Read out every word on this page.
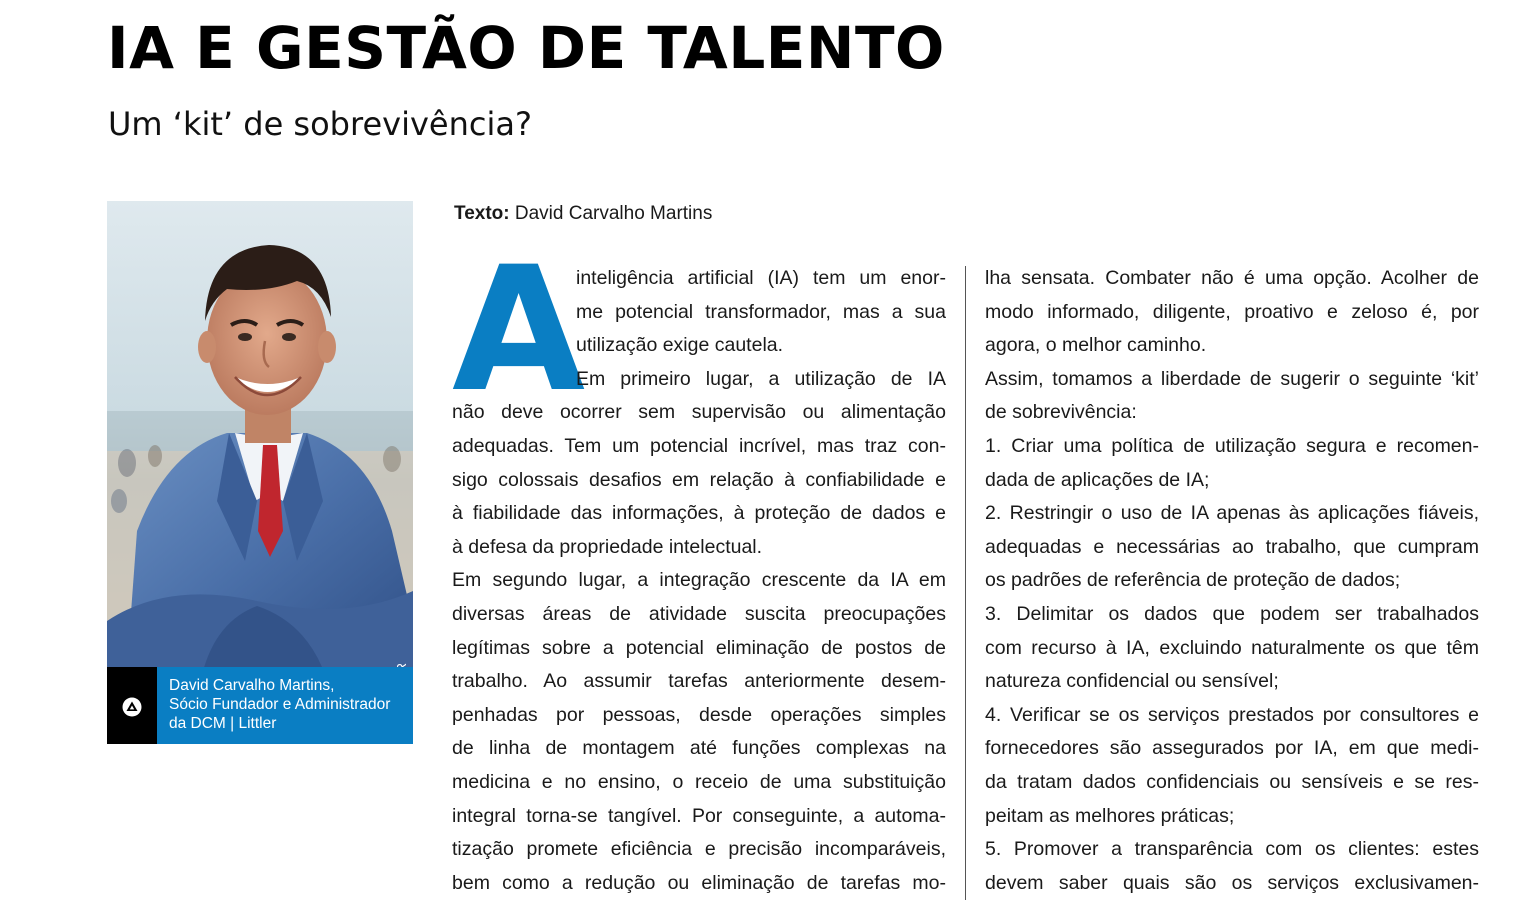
IA E GESTÃO DE TALENTO
Um ‘kit’ de sobrevivência?
David Carvalho Martins,
Sócio Fundador e Administrador
da DCM | Littler
Texto: David Carvalho Martins
A

inteligência artificial (IA) tem um enor-

me potencial transformador, mas a sua

utilização exige cautela.

Em primeiro lugar, a utilização de IA

não deve ocorrer sem supervisão ou alimentação

adequadas. Tem um potencial incrível, mas traz con-

sigo colossais desafios em relação à confiabilidade e

à fiabilidade das informações, à proteção de dados e

à defesa da propriedade intelectual.

Em segundo lugar, a integração crescente da IA em

diversas áreas de atividade suscita preocupações

legítimas sobre a potencial eliminação de postos de

trabalho. Ao assumir tarefas anteriormente desem-

penhadas por pessoas, desde operações simples

de linha de montagem até funções complexas na

medicina e no ensino, o receio de uma substituição

integral torna-se tangível. Por conseguinte, a automa-

tização promete eficiência e precisão incomparáveis,

bem como a redução ou eliminação de tarefas mo-

lha sensata. Combater não é uma opção. Acolher de

modo informado, diligente, proativo e zeloso é, por

agora, o melhor caminho.

Assim, tomamos a liberdade de sugerir o seguinte ‘kit’

de sobrevivência:

1. Criar uma política de utilização segura e recomen-

dada de aplicações de IA;

2. Restringir o uso de IA apenas às aplicações fiáveis,

adequadas e necessárias ao trabalho, que cumpram

os padrões de referência de proteção de dados;

3. Delimitar os dados que podem ser trabalhados

com recurso à IA, excluindo naturalmente os que têm

natureza confidencial ou sensível;

4. Verificar se os serviços prestados por consultores e

fornecedores são assegurados por IA, em que medi-

da tratam dados confidenciais ou sensíveis e se res-

peitam as melhores práticas;

5. Promover a transparência com os clientes: estes

devem saber quais são os serviços exclusivamen-
